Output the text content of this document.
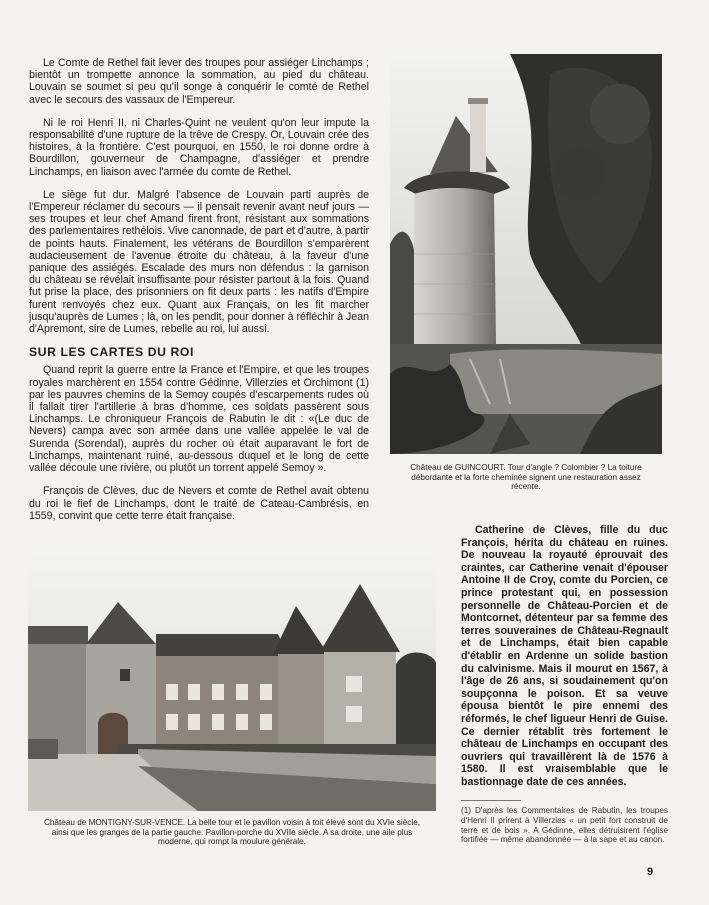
Le Comte de Rethel fait lever des troupes pour assiéger Linchamps ; bientôt un trompette annonce la sommation, au pied du château. Louvain se soumet si peu qu'il songe à conquérir le comté de Rethel avec le secours des vassaux de l'Empereur.

Ni le roi Henri II, ni Charles-Quint ne veulent qu'on leur impute la responsabilité d'une rupture de la trêve de Crespy. Or, Louvain crée des histoires, à la frontière. C'est pourquoi, en 1550, le roi donne ordre à Bourdillon, gouverneur de Champagne, d'assiéger et prendre Linchamps, en liaison avec l'armée du comte de Rethel.

Le siège fut dur. Malgré l'absence de Louvain parti auprès de l'Empereur réclamer du secours — il pensait revenir avant neuf jours — ses troupes et leur chef Amand firent front, résistant aux sommations des parlementaires rethélois. Vive canonnade, de part et d'autre, à partir de points hauts. Finalement, les vétérans de Bourdillon s'emparèrent audacieusement de l'avenue étroite du château, à la faveur d'une panique des assiégés. Escalade des murs non défendus : la garnison du château se révélait insuffisante pour résister partout à la fois. Quand fut prise la place, des prisonniers on fit deux parts : les natifs d'Empire furent renvoyés chez eux. Quant aux Français, on les fit marcher jusqu'auprès de Lumes ; là, on les pendit, pour donner à réfléchir à Jean d'Apremont, sire de Lumes, rebelle au roi, lui aussi.

SUR LES CARTES DU ROI

Quand reprit la guerre entre la France et l'Empire, et que les troupes royales marchèrent en 1554 contre Gédinne, Villerzies et Orchimont (1) par les pauvres chemins de la Semoy coupés d'escarpements rudes où il fallait tirer l'artillerie à bras d'homme, ces soldats passèrent sous Linchamps. Le chroniqueur François de Rabutin le dit : «(Le duc de Nevers) campa avec son armée dans une vallée appelée le val de Surenda (Sorendal), auprès du rocher où était auparavant le fort de Linchamps, maintenant ruiné, au-dessous duquel et le long de cette vallée découle une rivière, ou plutôt un torrent appelé Semoy ».

François de Clèves, duc de Nevers et comte de Rethel avait obtenu du roi le fief de Linchamps, dont le traité de Cateau-Cambrésis, en 1559, convint que cette terre était française.

Château de GUINCOURT. Tour d'angle ? Colombier ? La toiture débordante et la forte cheminée signent une restauration assez récente.

Catherine de Clèves, fille du duc François, hérita du château en ruines. De nouveau la royauté éprouvait des craintes, car Catherine venait d'épouser Antoine II de Croy, comte du Porcien, ce prince protestant qui, en possession personnelle de Château-Porcien et de Montcornet, détenteur par sa femme des terres souveraines de Château-Regnault et de Linchamps, était bien capable d'établir en Ardenne un solide bastion du calvinisme. Mais il mourut en 1567, à l'âge de 26 ans, si soudainement qu'on soupçonna le poison. Et sa veuve épousa bientôt le pire ennemi des réformés, le chef ligueur Henri de Guise. Ce dernier rétablit très fortement le château de Linchamps en occupant des ouvriers qui travaillèrent là de 1576 à 1580. Il est vraisemblable que le bastionnage date de ces années.

Château de MONTIGNY-SUR-VENCE. La belle tour et le pavillon voisin à toit élevé sont du XVIe siècle, ainsi que les granges de la partie gauche. Pavillon-porche du XVIIe siècle. A sa droite, une aile plus moderne, qui rompt la moulure générale.
(1) D'après les Commentaires de Rabutin, les troupes d'Henri II prirent à Villerzies « un petit fort construit de terre et de bois ». A Gédinne, elles détruisirent l'église fortifiée — même abandonnée — à la sape et au canon.
9
